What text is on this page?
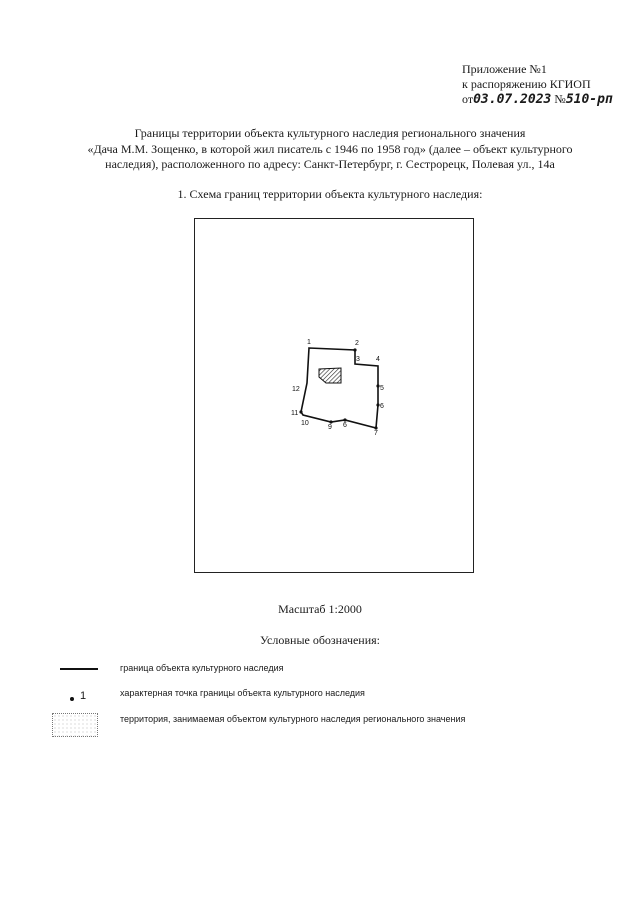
Приложение №1
к распоряжению КГИОП
от03.07.2023 №510-рп
Границы территории объекта культурного наследия регионального значения
«Дача М.М. Зощенко, в которой жил писатель с 1946 по 1958 год» (далее – объект культурного
наследия), расположенного по адресу: Санкт-Петербург, г. Сестрорецк, Полевая ул., 14а
1. Схема границ территории объекта культурного наследия:
1	2
3 4
5
6
7
6
9
10
11
12
Масштаб 1:2000
Условные обозначения:
граница объекта культурного наследия
1	характерная точка границы объекта культурного наследия
территория, занимаемая объектом культурного наследия регионального значения
